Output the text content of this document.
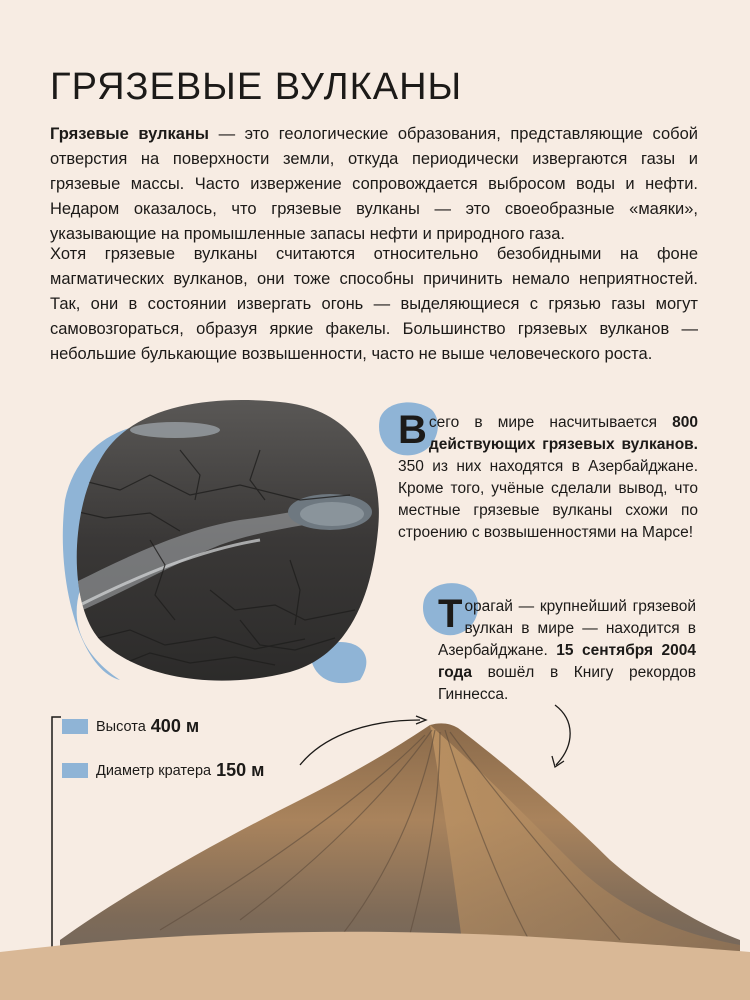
ГРЯЗЕВЫЕ ВУЛКАНЫ

Грязевые вулканы — это геологические образования, представляющие собой отверстия на поверхности земли, откуда периодически извергаются газы и грязевые массы. Часто извержение сопровождается выбросом воды и нефти. Недаром оказалось, что грязевые вулканы — это своеобразные «маяки», указывающие на промышленные запасы нефти и природного газа.

Хотя грязевые вулканы считаются относительно безобидными на фоне магматических вулканов, они тоже способны причинить немало неприятностей. Так, они в состоянии извергать огонь — выделяющиеся с грязью газы могут самовозгораться, образуя яркие факелы. Большинство грязевых вулканов — небольшие булькающие возвышенности, часто не выше человеческого роста.

Всего в мире насчитывается 800 действующих грязевых вулканов. 350 из них находятся в Азербайджане. Кроме того, учёные сделали вывод, что местные грязевые вулканы схожи по строению с возвышенностями на Марсе!

Торагай — крупнейший грязевой вулкан в мире — находится в Азербайджане. 15 сентября 2004 года вошёл в Книгу рекордов Гиннесса.

Высота 400 м
Диаметр кратера 150 м
